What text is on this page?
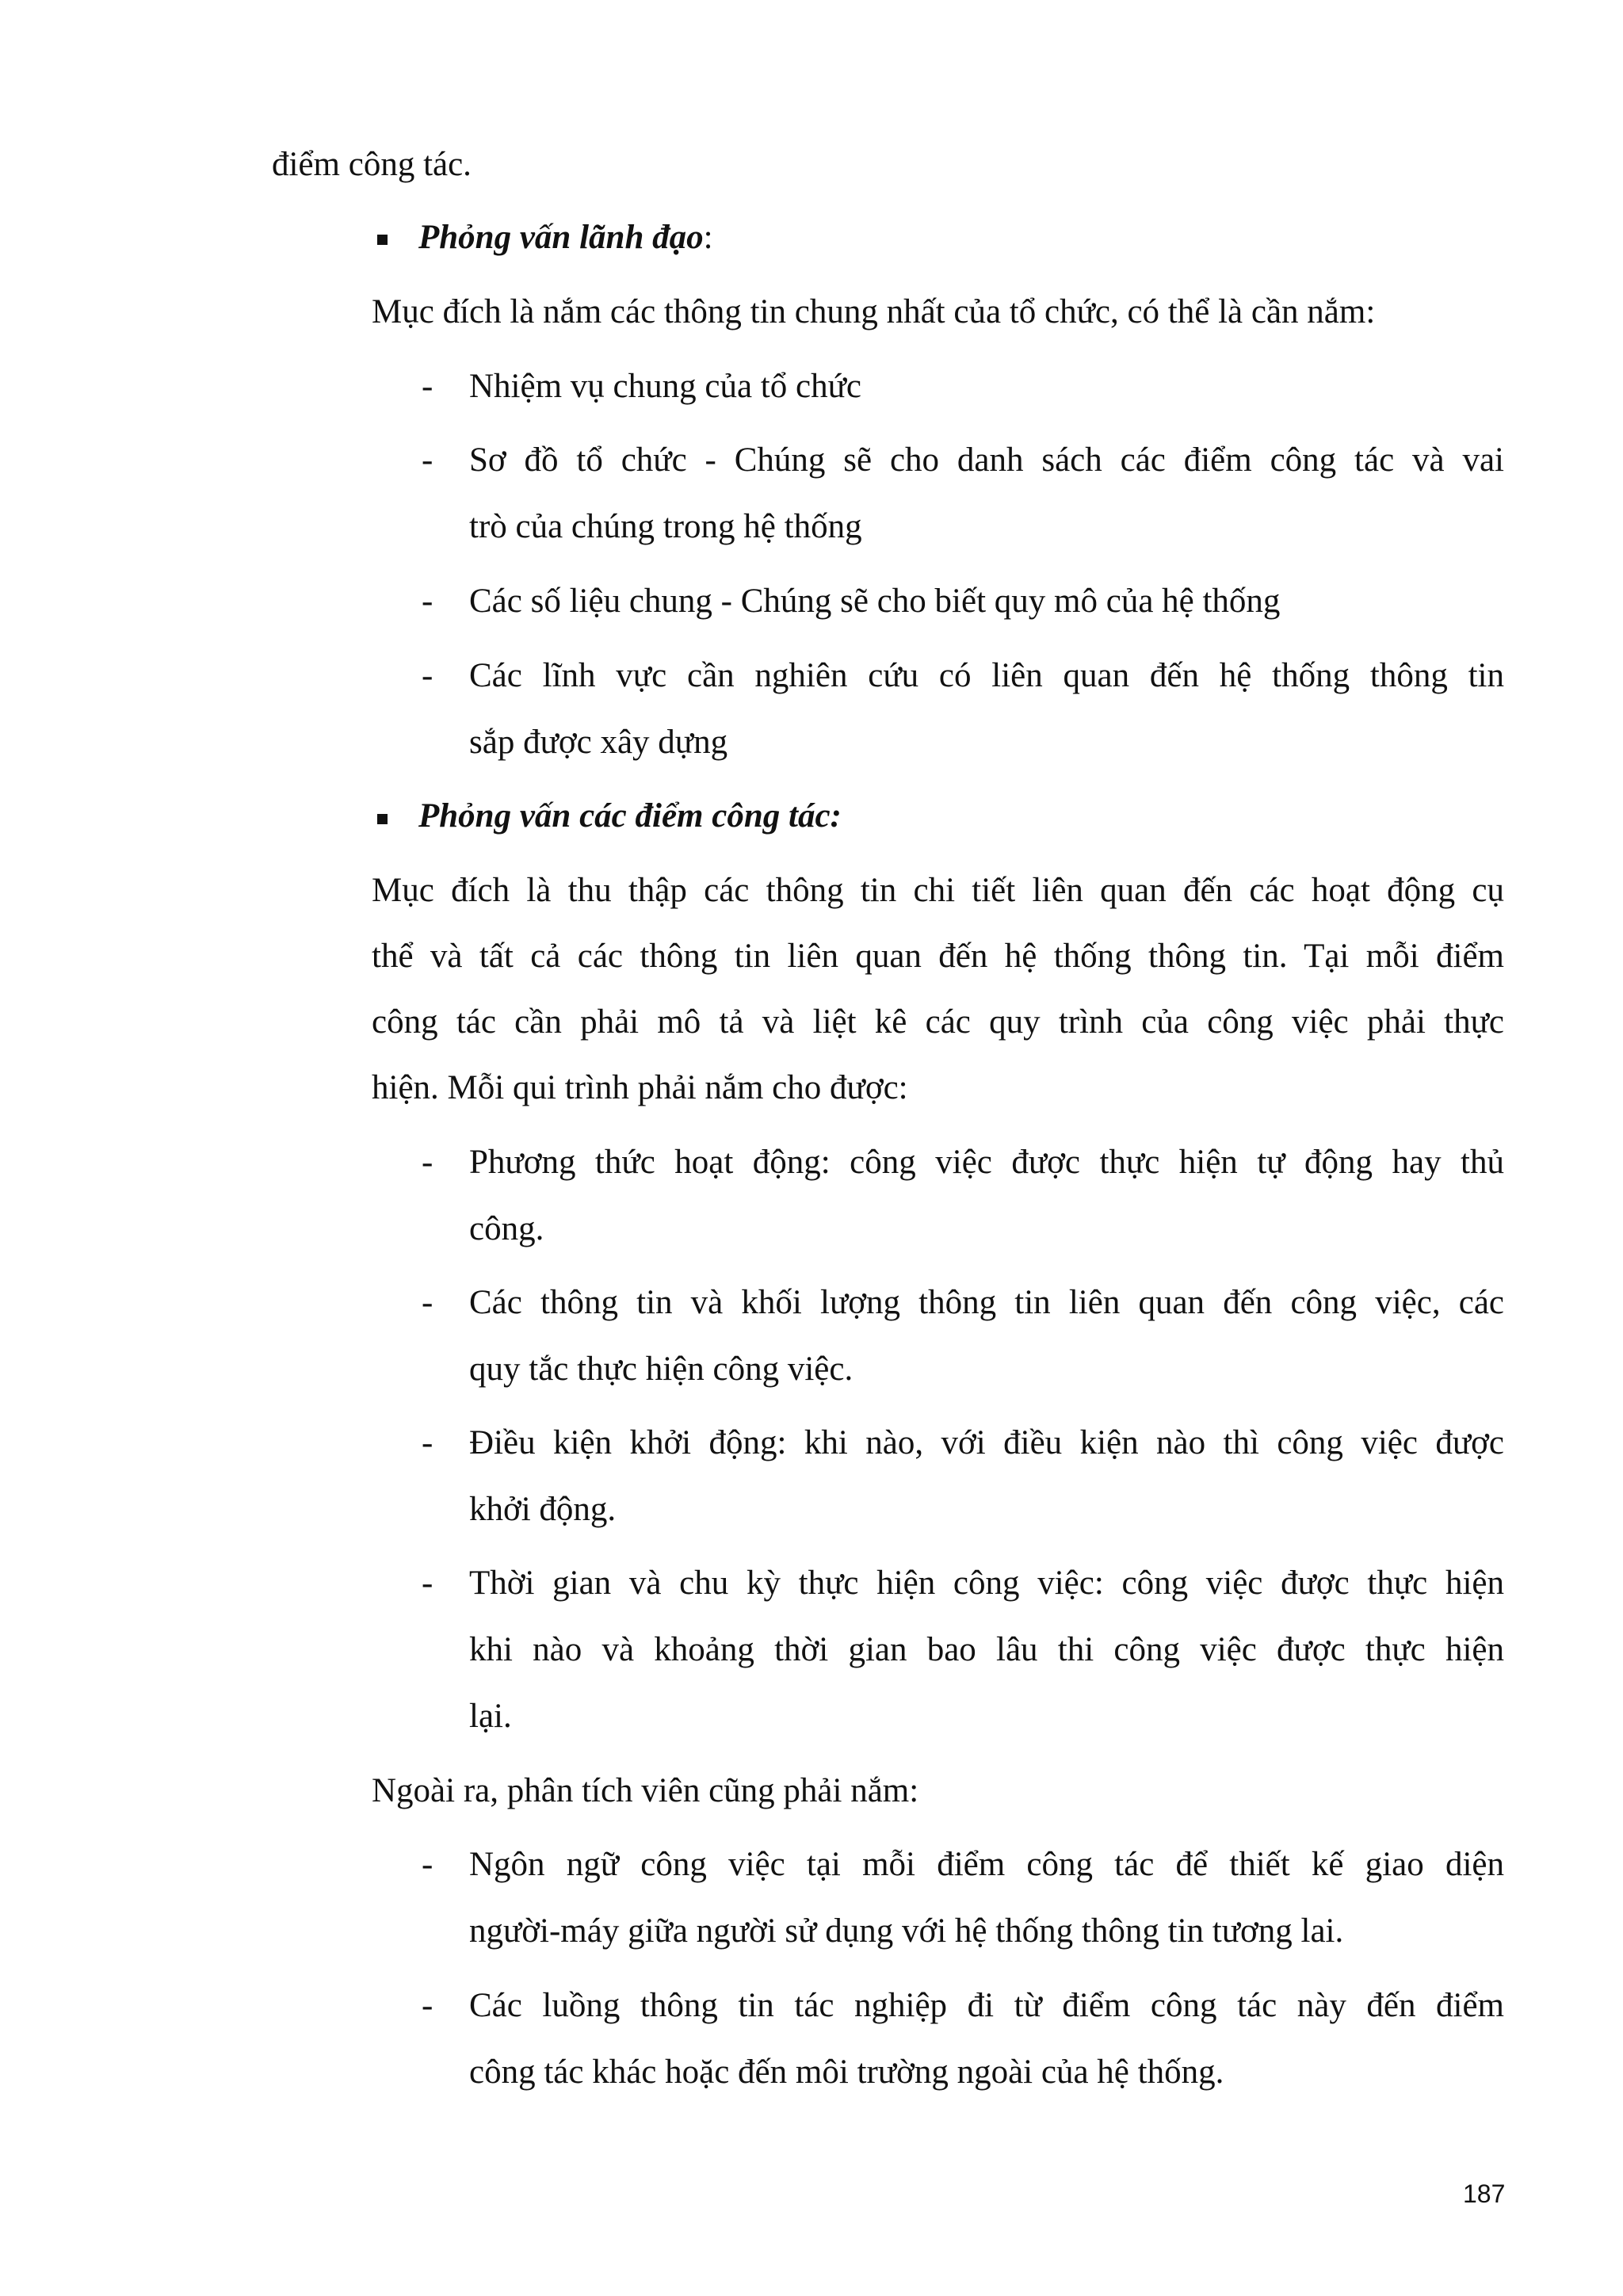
điểm công tác.
Phỏng vấn lãnh đạo:
Mục đích là nắm các thông tin chung nhất của tổ chức, có thể là cần nắm:
- Nhiệm vụ chung của tổ chức
- Sơ đồ tổ chức - Chúng sẽ cho danh sách các điểm công tác và vai
trò của chúng trong hệ thống
- Các số liệu chung - Chúng sẽ cho biết quy mô của hệ thống
- Các lĩnh vực cần nghiên cứu có liên quan đến hệ thống thông tin
sắp được xây dựng
Phỏng vấn các điểm công tác:
Mục đích là thu thập các thông tin chi tiết liên quan đến các hoạt động cụ
thể và tất cả các thông tin liên quan đến hệ thống thông tin. Tại mỗi điểm
công tác cần phải mô tả và liệt kê các quy trình của công việc phải thực
hiện. Mỗi qui trình phải nắm cho được:
- Phương thức hoạt động: công việc được thực hiện tự động hay thủ
công.
- Các thông tin và khối lượng thông tin liên quan đến công việc, các
quy tắc thực hiện công việc.
- Điều kiện khởi động: khi nào, với điều kiện nào thì công việc được
khởi động.
- Thời gian và chu kỳ thực hiện công việc: công việc được thực hiện
khi nào và khoảng thời gian bao lâu thi công việc được thực hiện
lại.
Ngoài ra, phân tích viên cũng phải nắm:
- Ngôn ngữ công việc tại mỗi điểm công tác để thiết kế giao diện
người-máy giữa người sử dụng với hệ thống thông tin tương lai.
- Các luồng thông tin tác nghiệp đi từ điểm công tác này đến điểm
công tác khác hoặc đến môi trường ngoài của hệ thống.
187
